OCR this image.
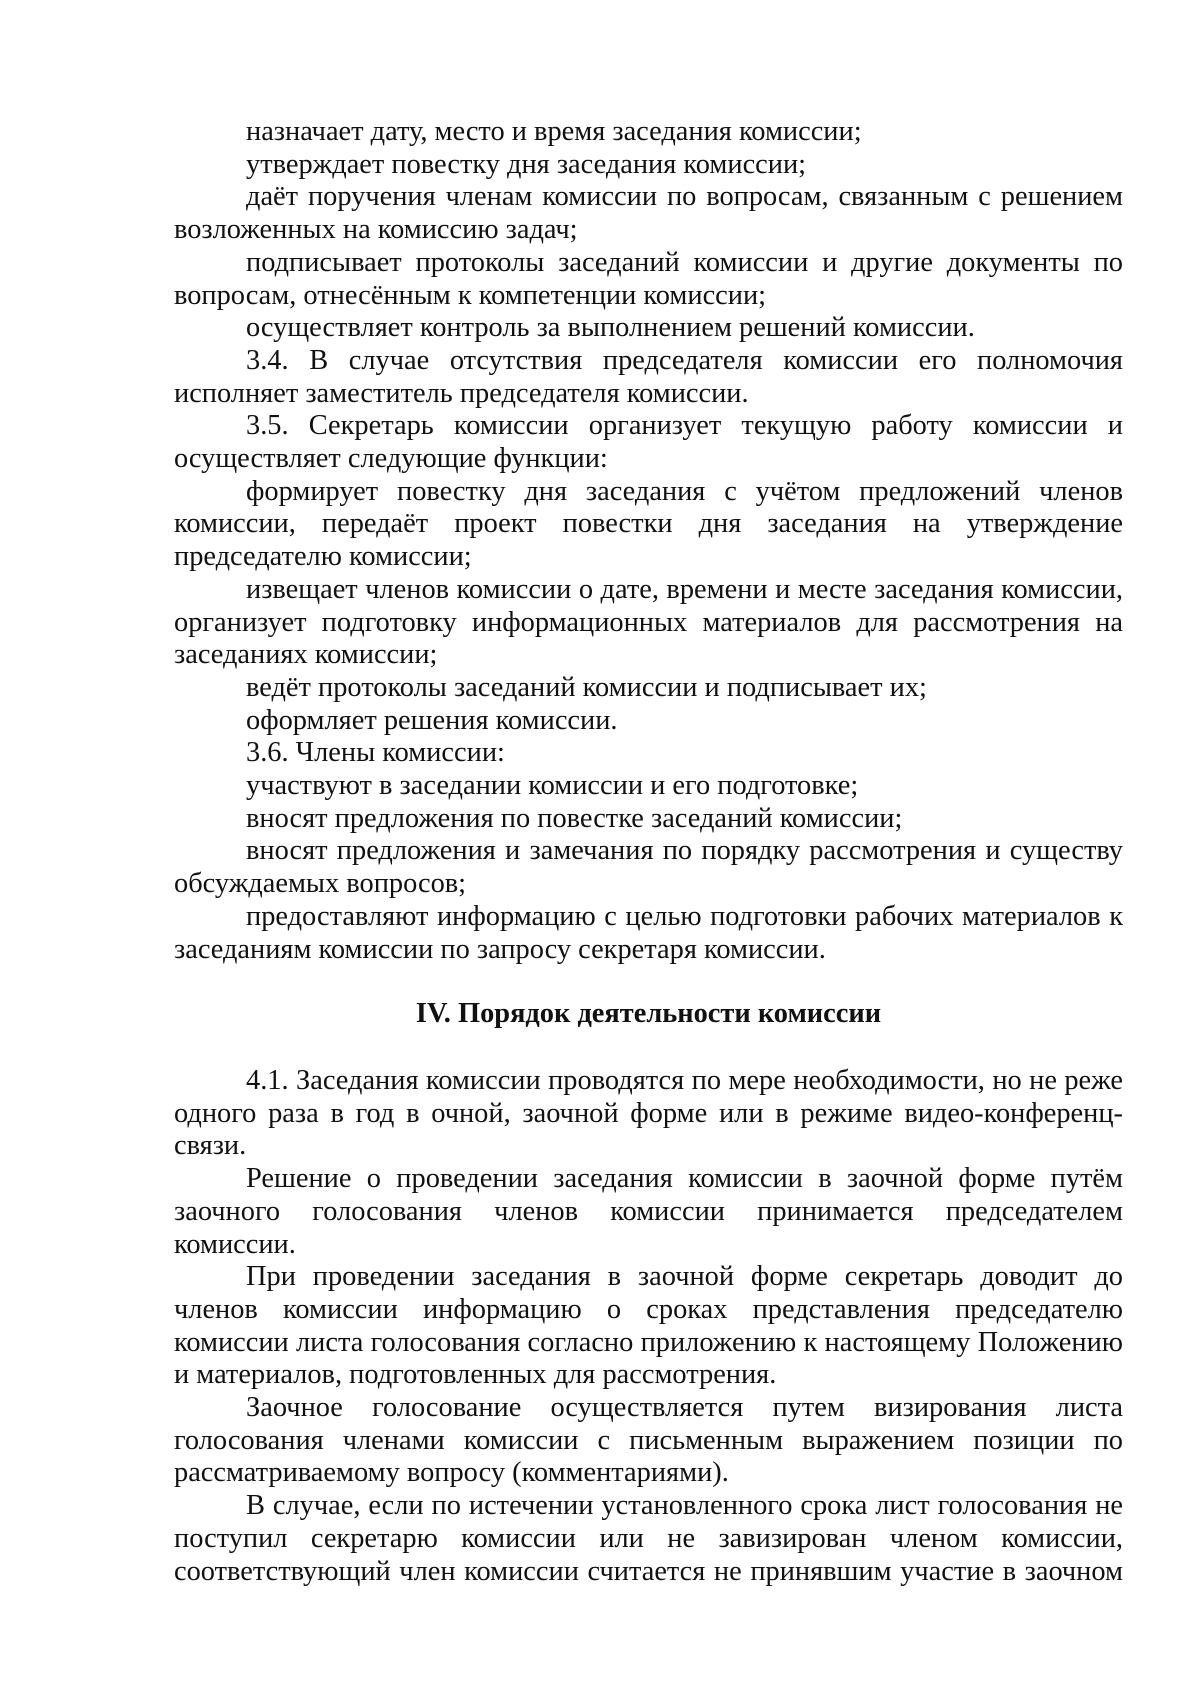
назначает дату, место и время заседания комиссии;

утверждает повестку дня заседания комиссии;

даёт поручения членам комиссии по вопросам, связанным с решением возложенных на комиссию задач;

подписывает протоколы заседаний комиссии и другие документы по вопросам, отнесённым к компетенции комиссии;

осуществляет контроль за выполнением решений комиссии.

3.4. В случае отсутствия председателя комиссии его полномочия исполняет заместитель председателя комиссии.

3.5. Секретарь комиссии организует текущую работу комиссии и осуществляет следующие функции:

формирует повестку дня заседания с учётом предложений членов комиссии, передаёт проект повестки дня заседания на утверждение председателю комиссии;

извещает членов комиссии о дате, времени и месте заседания комиссии, организует подготовку информационных материалов для рассмотрения на заседаниях комиссии;

ведёт протоколы заседаний комиссии и подписывает их;

оформляет решения комиссии.

3.6. Члены комиссии:

участвуют в заседании комиссии и его подготовке;

вносят предложения по повестке заседаний комиссии;

вносят предложения и замечания по порядку рассмотрения и существу обсуждаемых вопросов;

предоставляют информацию с целью подготовки рабочих материалов к заседаниям комиссии по запросу секретаря комиссии.

IV. Порядок деятельности комиссии

4.1. Заседания комиссии проводятся по мере необходимости, но не реже одного раза в год в очной, заочной форме или в режиме видео-конференц-связи.

Решение о проведении заседания комиссии в заочной форме путём заочного голосования членов комиссии принимается председателем комиссии.

При проведении заседания в заочной форме секретарь доводит до членов комиссии информацию о сроках представления председателю комиссии листа голосования согласно приложению к настоящему Положению и материалов, подготовленных для рассмотрения.

Заочное голосование осуществляется путем визирования листа голосования членами комиссии с письменным выражением позиции по рассматриваемому вопросу (комментариями).

В случае, если по истечении установленного срока лист голосования не поступил секретарю комиссии или не завизирован членом комиссии, соответствующий член комиссии считается не принявшим участие в заочном
